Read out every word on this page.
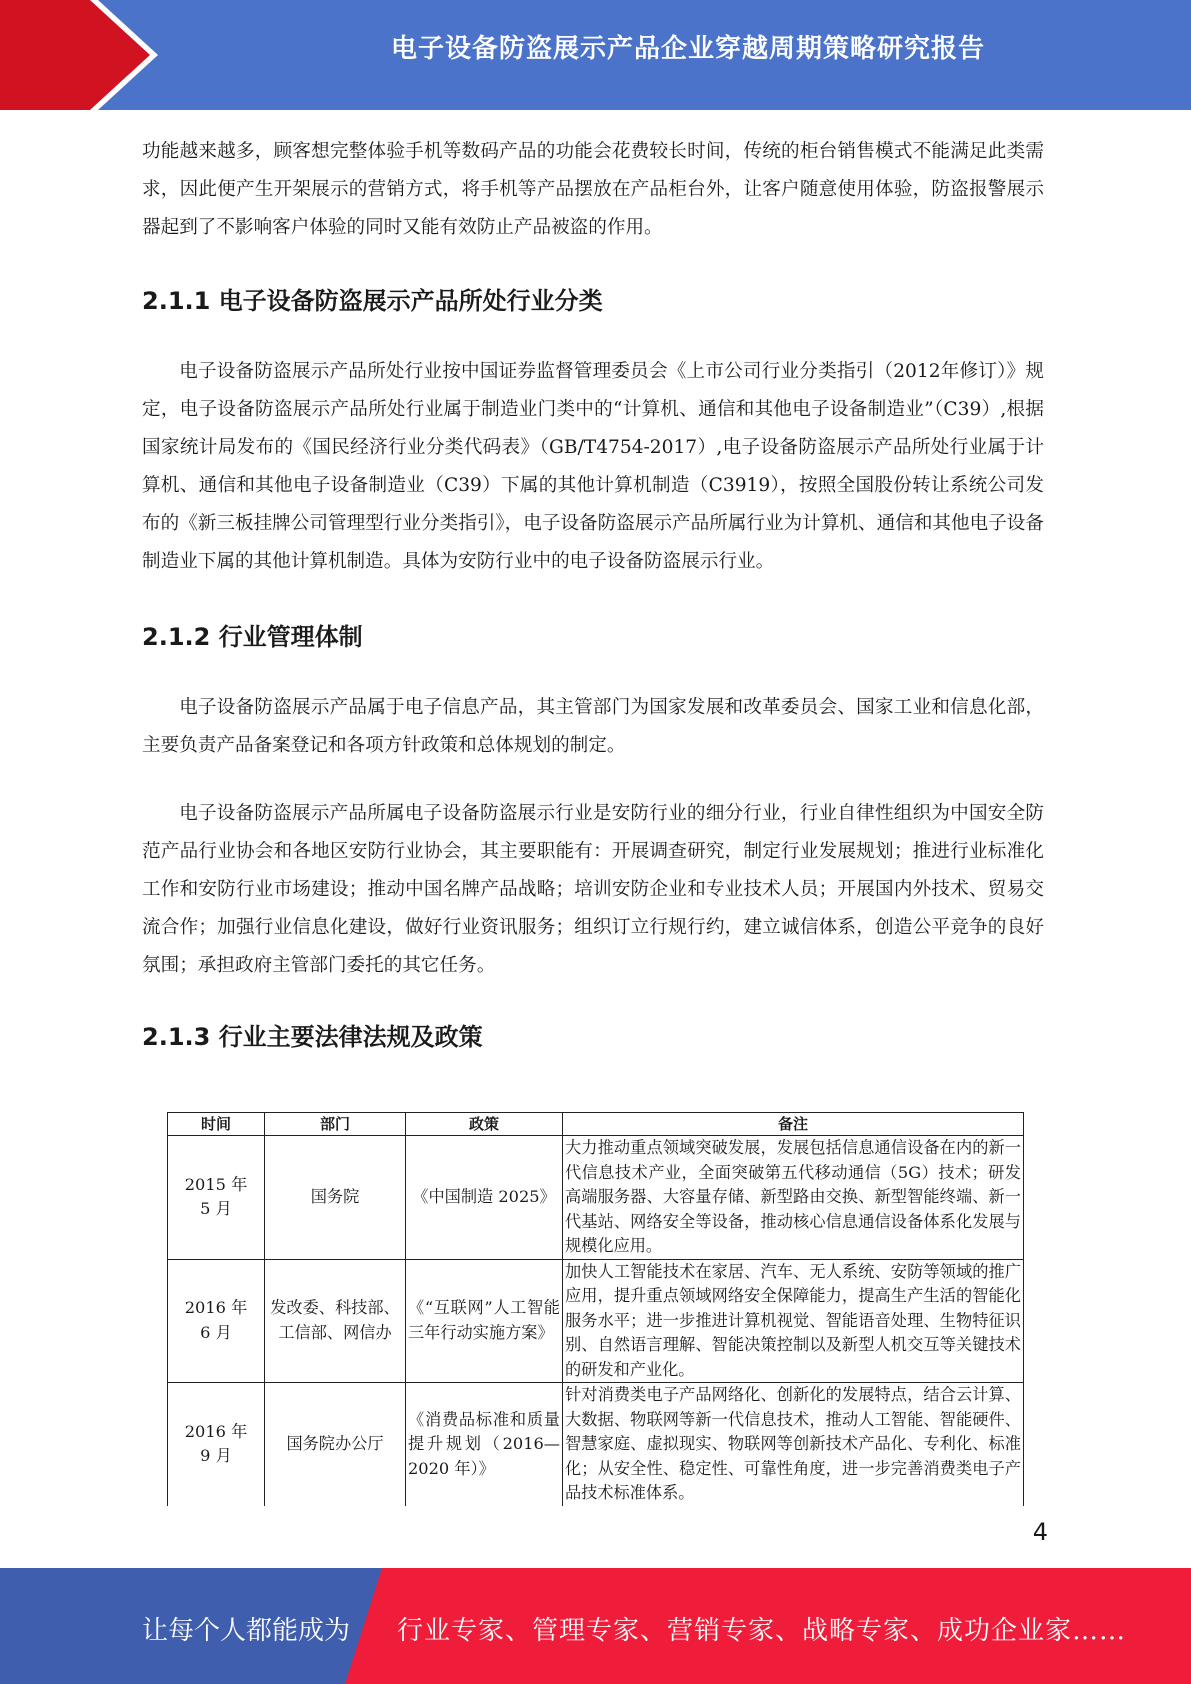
电子设备防盗展示产品企业穿越周期策略研究报告

功能越来越多，顾客想完整体验手机等数码产品的功能会花费较长时间，传统的柜台销售模式不能满足此类需求，因此便产生开架展示的营销方式，将手机等产品摆放在产品柜台外，让客户随意使用体验，防盗报警展示器起到了不影响客户体验的同时又能有效防止产品被盗的作用。

2.1.1 电子设备防盗展示产品所处行业分类

电子设备防盗展示产品所处行业按中国证券监督管理委员会《上市公司行业分类指引（2012年修订）》规定，电子设备防盗展示产品所处行业属于制造业门类中的“计算机、通信和其他电子设备制造业”（C39）,根据国家统计局发布的《国民经济行业分类代码表》（GB/T4754-2017）,电子设备防盗展示产品所处行业属于计算机、通信和其他电子设备制造业（C39）下属的其他计算机制造（C3919），按照全国股份转让系统公司发布的《新三板挂牌公司管理型行业分类指引》，电子设备防盗展示产品所属行业为计算机、通信和其他电子设备制造业下属的其他计算机制造。具体为安防行业中的电子设备防盗展示行业。

2.1.2 行业管理体制

电子设备防盗展示产品属于电子信息产品，其主管部门为国家发展和改革委员会、国家工业和信息化部，主要负责产品备案登记和各项方针政策和总体规划的制定。

电子设备防盗展示产品所属电子设备防盗展示行业是安防行业的细分行业，行业自律性组织为中国安全防范产品行业协会和各地区安防行业协会，其主要职能有：开展调查研究，制定行业发展规划；推进行业标准化工作和安防行业市场建设；推动中国名牌产品战略；培训安防企业和专业技术人员；开展国内外技术、贸易交流合作；加强行业信息化建设，做好行业资讯服务；组织订立行规行约，建立诚信体系，创造公平竞争的良好氛围；承担政府主管部门委托的其它任务。

2.1.3 行业主要法律法规及政策
时间	部门	政策	备注
2015 年 5 月	国务院	《中国制造 2025》	大力推动重点领域突破发展，发展包括信息通信设备在内的新一代信息技术产业，全面突破第五代移动通信（5G）技术；研发高端服务器、大容量存储、新型路由交换、新型智能终端、新一代基站、网络安全等设备，推动核心信息通信设备体系化发展与规模化应用。
2016 年 6 月	发改委、科技部、工信部、网信办	《“互联网”人工智能三年行动实施方案》	加快人工智能技术在家居、汽车、无人系统、安防等领域的推广应用，提升重点领域网络安全保障能力，提高生产生活的智能化服务水平；进一步推进计算机视觉、智能语音处理、生物特征识别、自然语言理解、智能决策控制以及新型人机交互等关键技术的研发和产业化。
2016 年 9 月	国务院办公厅	《消费品标准和质量提升规划（2016—2020 年）》	针对消费类电子产品网络化、创新化的发展特点，结合云计算、大数据、物联网等新一代信息技术，推动人工智能、智能硬件、智慧家庭、虚拟现实、物联网等创新技术产品化、专利化、标准化；从安全性、稳定性、可靠性角度，进一步完善消费类电子产品技术标准体系。
4
让每个人都能成为 行业专家、管理专家、营销专家、战略专家、成功企业家……
